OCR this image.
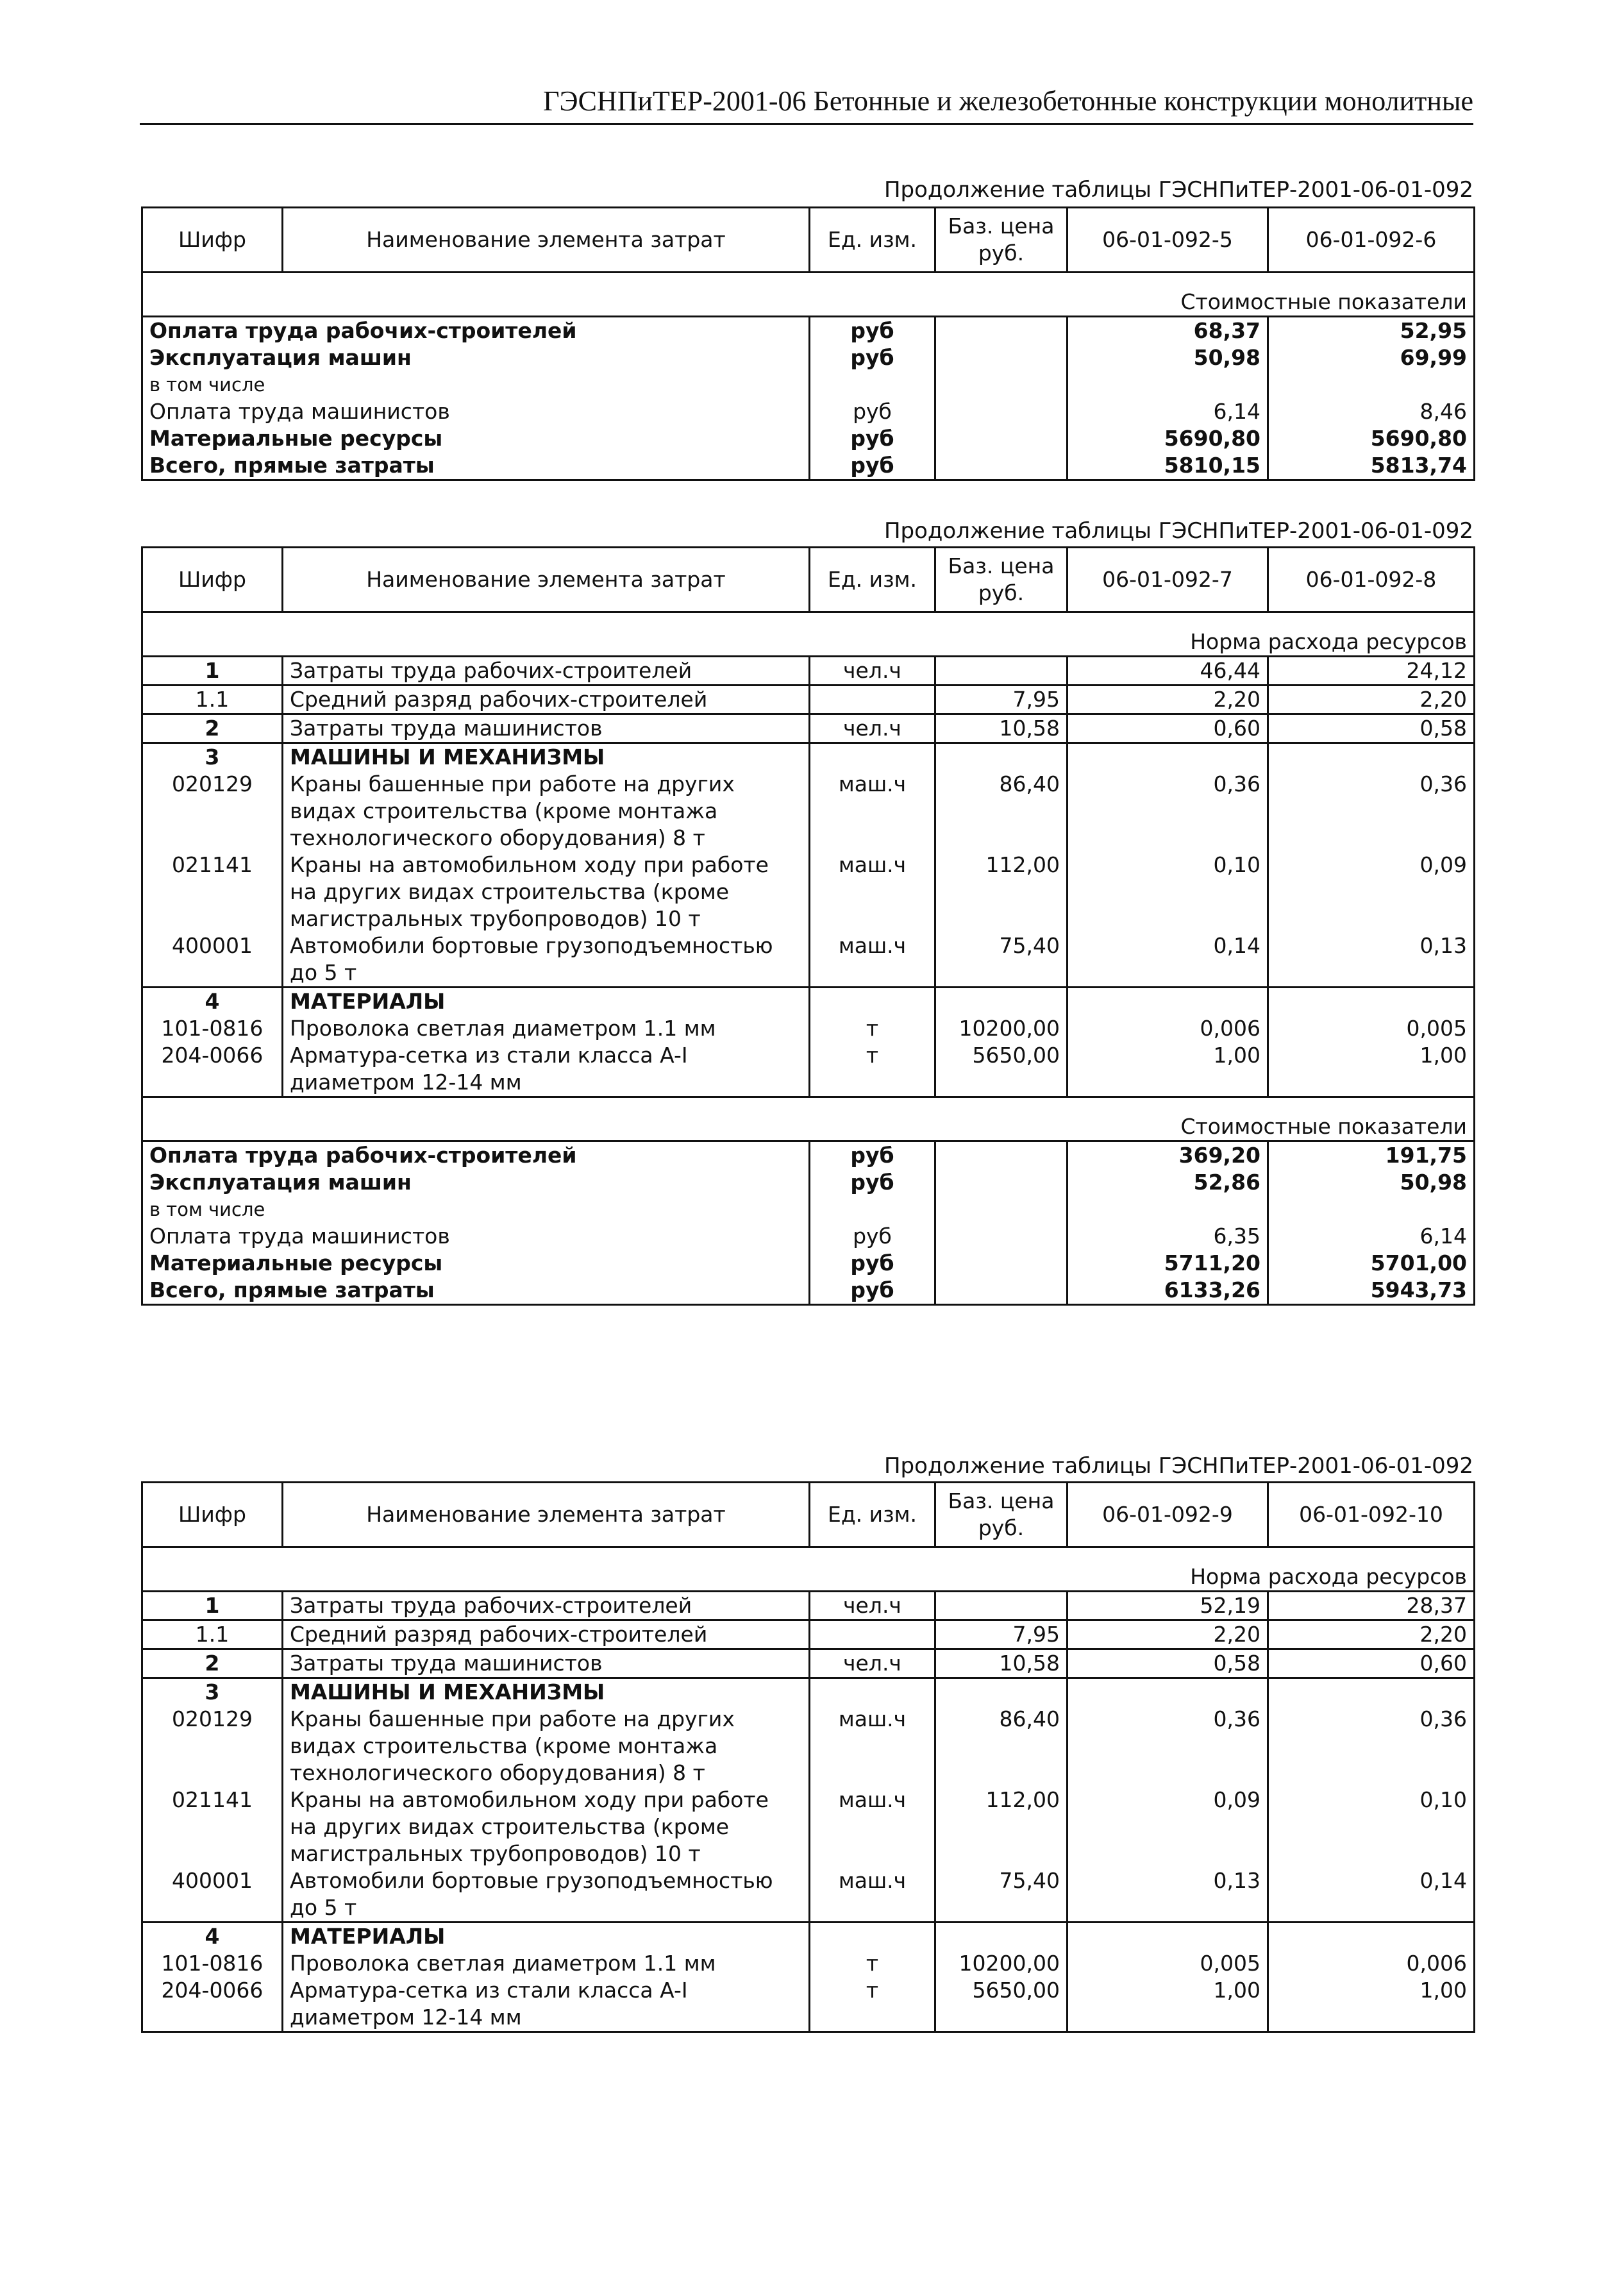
ГЭСНПиТЕР-2001-06 Бетонные и железобетонные конструкции монолитные
Продолжение таблицы ГЭСНПиТЕР-2001-06-01-092
Шифр	Наименование элемента затрат	Ед. изм.	Баз. цена руб.	06-01-092-5	06-01-092-6
Стоимостные показатели					
Оплата труда рабочих-строителей		руб		68,37	52,95
Эксплуатация машин		руб		50,98	69,99
в том числе					
Оплата труда машинистов		руб		6,14	8,46
Материальные ресурсы		руб		5690,80	5690,80
Всего, прямые затраты		руб		5810,15	5813,74
Продолжение таблицы ГЭСНПиТЕР-2001-06-01-092
Шифр	Наименование элемента затрат	Ед. изм.	Баз. цена руб.	06-01-092-7	06-01-092-8
Норма расхода ресурсов					
1	Затраты труда рабочих-строителей	чел.ч		46,44	24,12
1.1	Средний разряд рабочих-строителей		7,95	2,20	2,20
2	Затраты труда машинистов	чел.ч	10,58	0,60	0,58
3	МАШИНЫ И МЕХАНИЗМЫ				
020129	Краны башенные при работе на других видах строительства (кроме монтажа технологического оборудования) 8 т	маш.ч	86,40	0,36	0,36
021141	Краны на автомобильном ходу при работе на других видах строительства (кроме магистральных трубопроводов) 10 т	маш.ч	112,00	0,10	0,09
400001	Автомобили бортовые грузоподъемностью до 5 т	маш.ч	75,40	0,14	0,13
4	МАТЕРИАЛЫ				
101-0816	Проволока светлая диаметром 1.1 мм	т	10200,00	0,006	0,005
204-0066	Арматура-сетка из стали класса A-I диаметром 12-14 мм	т	5650,00	1,00	1,00
Стоимостные показатели					
Оплата труда рабочих-строителей		руб		369,20	191,75
Эксплуатация машин		руб		52,86	50,98
в том числе					
Оплата труда машинистов		руб		6,35	6,14
Материальные ресурсы		руб		5711,20	5701,00
Всего, прямые затраты		руб		6133,26	5943,73
Продолжение таблицы ГЭСНПиТЕР-2001-06-01-092
Шифр	Наименование элемента затрат	Ед. изм.	Баз. цена руб.	06-01-092-9	06-01-092-10
Норма расхода ресурсов					
1	Затраты труда рабочих-строителей	чел.ч		52,19	28,37
1.1	Средний разряд рабочих-строителей		7,95	2,20	2,20
2	Затраты труда машинистов	чел.ч	10,58	0,58	0,60
3	МАШИНЫ И МЕХАНИЗМЫ				
020129	Краны башенные при работе на других видах строительства (кроме монтажа технологического оборудования) 8 т	маш.ч	86,40	0,36	0,36
021141	Краны на автомобильном ходу при работе на других видах строительства (кроме магистральных трубопроводов) 10 т	маш.ч	112,00	0,09	0,10
400001	Автомобили бортовые грузоподъемностью до 5 т	маш.ч	75,40	0,13	0,14
4	МАТЕРИАЛЫ				
101-0816	Проволока светлая диаметром 1.1 мм	т	10200,00	0,005	0,006
204-0066	Арматура-сетка из стали класса A-I диаметром 12-14 мм	т	5650,00	1,00	1,00
